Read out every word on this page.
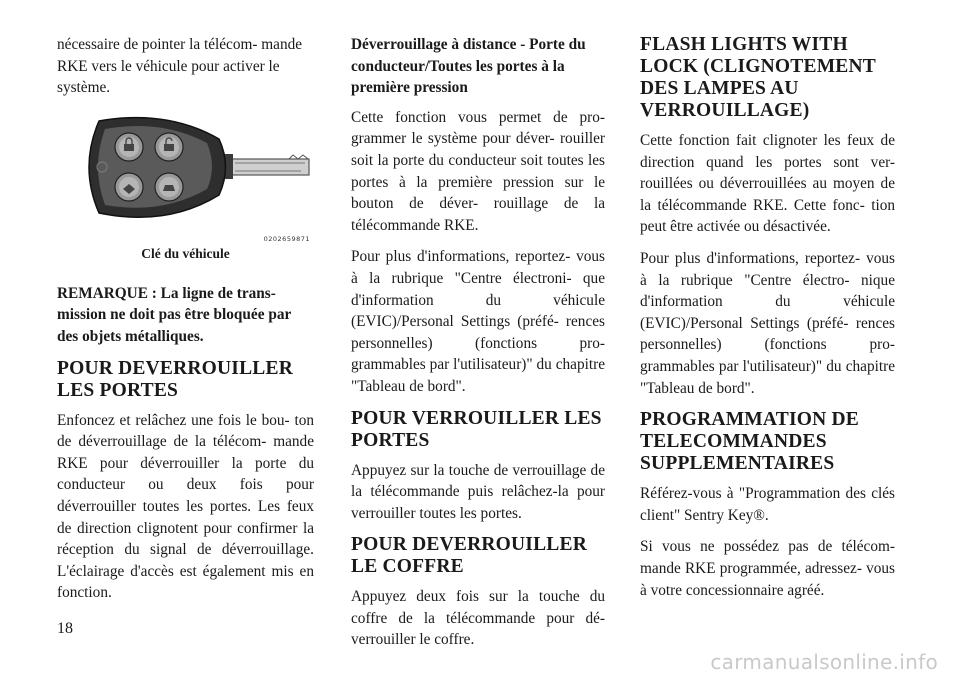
nécessaire de pointer la télécom- mande RKE vers le véhicule pour activer le système.

0202659871
Clé du véhicule

REMARQUE : La ligne de trans- mission ne doit pas être bloquée par des objets métalliques.

POUR DEVERROUILLER LES PORTES

Enfoncez et relâchez une fois le bou- ton de déverrouillage de la télécom- mande RKE pour déverrouiller la porte du conducteur ou deux fois pour déverrouiller toutes les portes. Les feux de direction clignotent pour confirmer la réception du signal de déverrouillage. L'éclairage d'accès est également mis en fonction.

Déverrouillage à distance - Porte du conducteur/Toutes les portes à la première pression

Cette fonction vous permet de pro- grammer le système pour déver- rouiller soit la porte du conducteur soit toutes les portes à la première pression sur le bouton de déver- rouillage de la télécommande RKE.

Pour plus d'informations, reportez- vous à la rubrique "Centre électroni- que d'information du véhicule (EVIC)/Personal Settings (préfé- rences personnelles) (fonctions pro- grammables par l'utilisateur)" du chapitre "Tableau de bord".

POUR VERROUILLER LES PORTES

Appuyez sur la touche de verrouillage de la télécommande puis relâchez-la pour verrouiller toutes les portes.

POUR DEVERROUILLER LE COFFRE

Appuyez deux fois sur la touche du coffre de la télécommande pour dé- verrouiller le coffre.

FLASH LIGHTS WITH LOCK (CLIGNOTEMENT DES LAMPES AU VERROUILLAGE)

Cette fonction fait clignoter les feux de direction quand les portes sont ver- rouillées ou déverrouillées au moyen de la télécommande RKE. Cette fonc- tion peut être activée ou désactivée.

Pour plus d'informations, reportez- vous à la rubrique "Centre électro- nique d'information du véhicule (EVIC)/Personal Settings (préfé- rences personnelles) (fonctions pro- grammables par l'utilisateur)" du chapitre "Tableau de bord".

PROGRAMMATION DE TELECOMMANDES SUPPLEMENTAIRES

Référez-vous à "Programmation des clés client" Sentry Key®.

Si vous ne possédez pas de télécom- mande RKE programmée, adressez- vous à votre concessionnaire agréé.

18
carmanualsonline.info
